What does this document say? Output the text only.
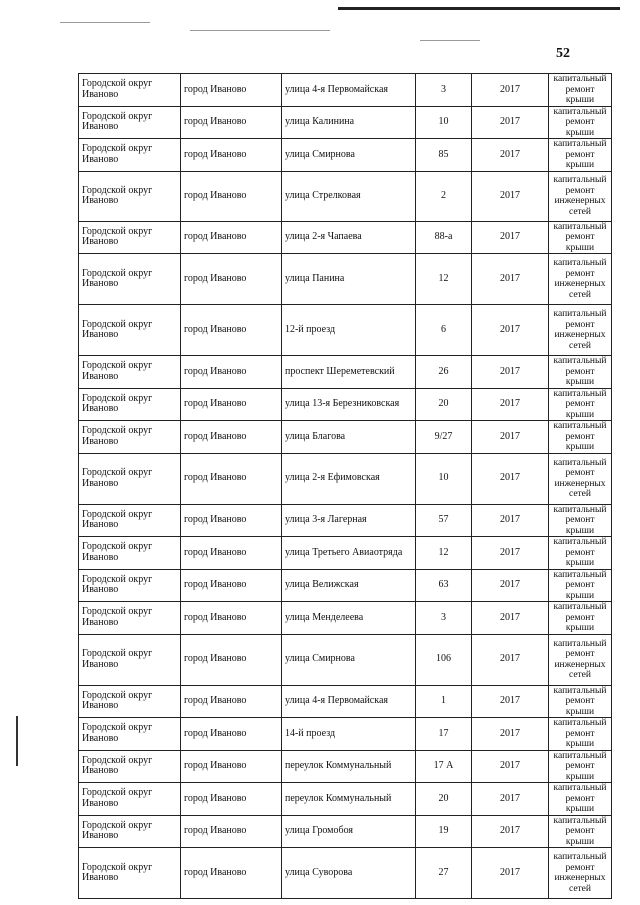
52
Городской округ Иваново	город Иваново	улица 4-я Первомайская	3	2017	капитальный ремонт крыши
Городской округ Иваново	город Иваново	улица Калинина	10	2017	капитальный ремонт крыши
Городской округ Иваново	город Иваново	улица Смирнова	85	2017	капитальный ремонт крыши
Городской округ Иваново	город Иваново	улица Стрелковая	2	2017	капитальный ремонт инженерных сетей
Городской округ Иваново	город Иваново	улица 2-я Чапаева	88-а	2017	капитальный ремонт крыши
Городской округ Иваново	город Иваново	улица Панина	12	2017	капитальный ремонт инженерных сетей
Городской округ Иваново	город Иваново	12-й проезд	6	2017	капитальный ремонт инженерных сетей
Городской округ Иваново	город Иваново	проспект Шереметевский	26	2017	капитальный ремонт крыши
Городской округ Иваново	город Иваново	улица 13-я Березниковская	20	2017	капитальный ремонт крыши
Городской округ Иваново	город Иваново	улица Благова	9/27	2017	капитальный ремонт крыши
Городской округ Иваново	город Иваново	улица 2-я Ефимовская	10	2017	капитальный ремонт инженерных сетей
Городской округ Иваново	город Иваново	улица 3-я Лагерная	57	2017	капитальный ремонт крыши
Городской округ Иваново	город Иваново	улица Третьего Авиаотряда	12	2017	капитальный ремонт крыши
Городской округ Иваново	город Иваново	улица Велижская	63	2017	капитальный ремонт крыши
Городской округ Иваново	город Иваново	улица Менделеева	3	2017	капитальный ремонт крыши
Городской округ Иваново	город Иваново	улица Смирнова	106	2017	капитальный ремонт инженерных сетей
Городской округ Иваново	город Иваново	улица 4-я Первомайская	1	2017	капитальный ремонт крыши
Городской округ Иваново	город Иваново	14-й проезд	17	2017	капитальный ремонт крыши
Городской округ Иваново	город Иваново	переулок Коммунальный	17 А	2017	капитальный ремонт крыши
Городской округ Иваново	город Иваново	переулок Коммунальный	20	2017	капитальный ремонт крыши
Городской округ Иваново	город Иваново	улица Громобоя	19	2017	капитальный ремонт крыши
Городской округ Иваново	город Иваново	улица Суворова	27	2017	капитальный ремонт инженерных сетей
